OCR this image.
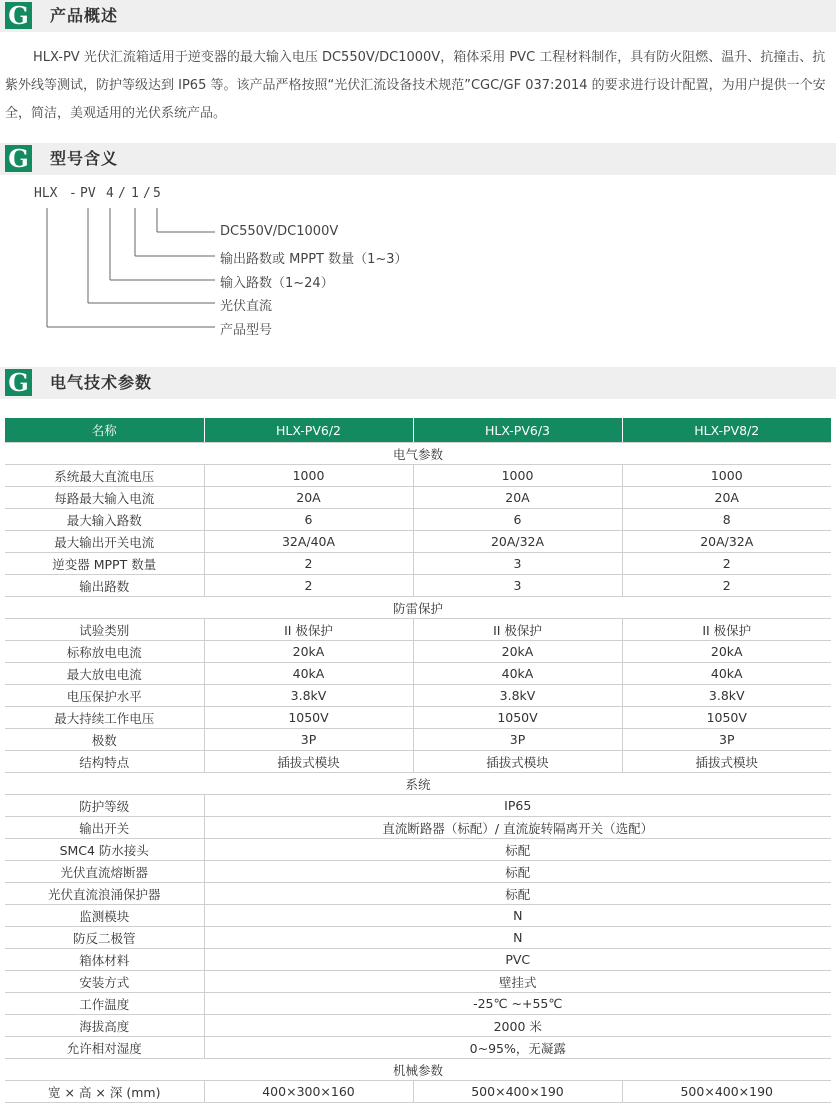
G 产品概述

HLX-PV 光伏汇流箱适用于逆变器的最大输入电压 DC550V/DC1000V，箱体采用 PVC 工程材料制作，具有防火阻燃、温升、抗撞击、抗紫外线等测试，防护等级达到 IP65 等。该产品严格按照“光伏汇流设备技术规范”CGC/GF 037:2014 的要求进行设计配置，为用户提供一个安全，简洁，美观适用的光伏系统产品。

G 型号含义
HLX - PV 4 / 1 / 5
DC550V/DC1000V
输出路数或 MPPT 数量（1~3）
输入路数（1~24）
光伏直流
产品型号
G 电气技术参数
名称	HLX-PV6/2	HLX-PV6/3	HLX-PV8/2
电气参数			
系统最大直流电压	1000	1000	1000
每路最大输入电流	20A	20A	20A
最大输入路数	6	6	8
最大输出开关电流	32A/40A	20A/32A	20A/32A
逆变器 MPPT 数量	2	3	2
输出路数	2	3	2
防雷保护			
试验类别	II 极保护	II 极保护	II 极保护
标称放电电流	20kA	20kA	20kA
最大放电电流	40kA	40kA	40kA
电压保护水平	3.8kV	3.8kV	3.8kV
最大持续工作电压	1050V	1050V	1050V
极数	3P	3P	3P
结构特点	插拔式模块	插拔式模块	插拔式模块
系统			
防护等级	IP65		
输出开关	直流断路器（标配）/ 直流旋转隔离开关（选配）		
SMC4 防水接头	标配		
光伏直流熔断器	标配		
光伏直流浪涌保护器	标配		
监测模块	N		
防反二极管	N		
箱体材料	PVC		
安装方式	壁挂式		
工作温度	-25℃ ~+55℃		
海拔高度	2000 米		
允许相对湿度	0~95%，无凝露		
机械参数			
宽 × 高 × 深 (mm)	400×300×160	500×400×190	500×400×190
